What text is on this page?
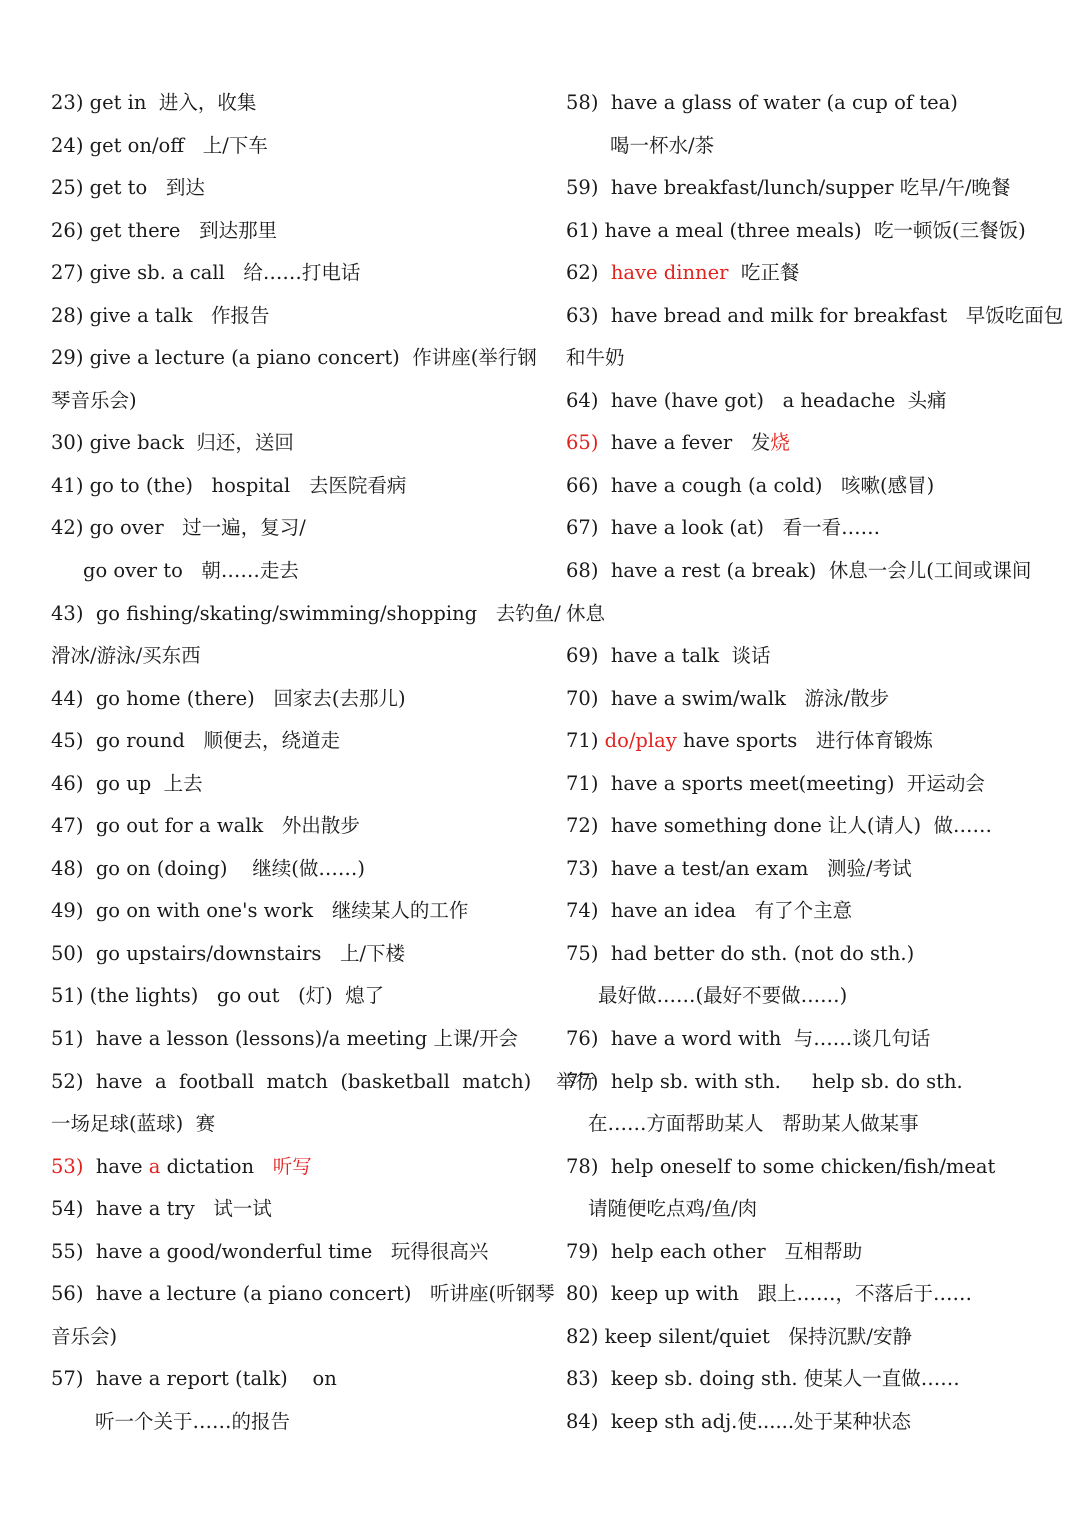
23) get in  进入，收集
24) get on/off   上/下车
25) get to   到达
26) get there   到达那里
27) give sb. a call   给……打电话
28) give a talk   作报告
29) give a lecture (a piano concert)  作讲座(举行钢
琴音乐会)
30) give back  归还，送回
41) go to (the)   hospital   去医院看病
42) go over   过一遍，复习/
go over to   朝……走去
43)  go fishing/skating/swimming/shopping   去钓鱼/
滑冰/游泳/买东西
44)  go home (there)   回家去(去那儿)
45)  go round   顺便去，绕道走
46)  go up  上去
47)  go out for a walk   外出散步
48)  go on (doing)    继续(做……)
49)  go on with one's work   继续某人的工作
50)  go upstairs/downstairs   上/下楼
51) (the lights)   go out   (灯)  熄了
51)  have a lesson (lessons)/a meeting 上课/开会
52)  have  a  football  match  (basketball  match)    举行
一场足球(蓝球)  赛
53)  have a dictation   听写
54)  have a try   试一试
55)  have a good/wonderful time   玩得很高兴
56)  have a lecture (a piano concert)   听讲座(听钢琴
音乐会)
57)  have a report (talk)    on
听一个关于……的报告
58)  have a glass of water (a cup of tea)
喝一杯水/茶
59)  have breakfast/lunch/supper 吃早/午/晚餐
61) have a meal (three meals)  吃一顿饭(三餐饭)
62)  have dinner  吃正餐
63)  have bread and milk for breakfast   早饭吃面包
和牛奶
64)  have (have got)   a headache  头痛
65)  have a fever   发烧
66)  have a cough (a cold)   咳嗽(感冒)
67)  have a look (at)   看一看……
68)  have a rest (a break)  休息一会儿(工间或课间
休息
69)  have a talk  谈话
70)  have a swim/walk   游泳/散步
71) do/play have sports   进行体育锻炼
71)  have a sports meet(meeting)  开运动会
72)  have something done 让人(请人)  做……
73)  have a test/an exam   测验/考试
74)  have an idea   有了个主意
75)  had better do sth. (not do sth.)
最好做……(最好不要做……)
76)  have a word with  与……谈几句话
77)  help sb. with sth.     help sb. do sth.
在……方面帮助某人   帮助某人做某事
78)  help oneself to some chicken/fish/meat
请随便吃点鸡/鱼/肉
79)  help each other   互相帮助
80)  keep up with   跟上……，不落后于……
82) keep silent/quiet   保持沉默/安静
83)  keep sb. doing sth. 使某人一直做……
84)  keep sth adj.使......处于某种状态
